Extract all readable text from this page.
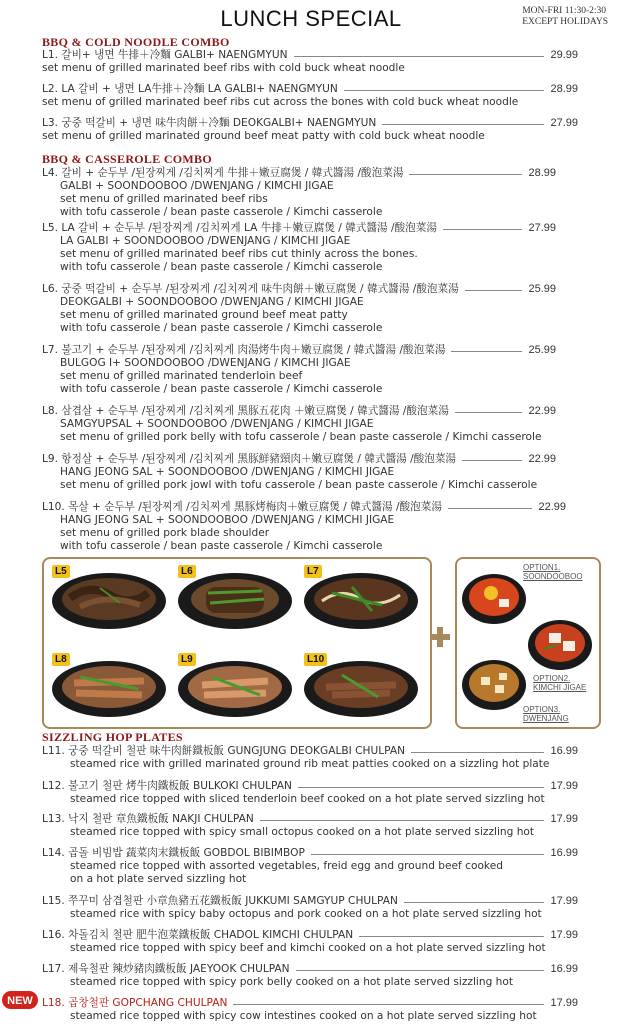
LUNCH SPECIAL	MON-FRI 11:30-2:30
EXCEPT HOLIDAYS
BBQ & COLD NOODLE COMBO
L1. 갈비+ 냉면 牛排＋冷麵 GALBI+ NAENGMYUN	29.99
set menu of grilled marinated beef ribs with cold buck wheat noodle
L2. LA 갈비 + 냉면 LA牛排＋冷麵 LA GALBI+ NAENGMYUN	28.99
set menu of grilled marinated beef ribs cut across the bones with cold buck wheat noodle
L3. 궁중 떡갈비 + 냉면 味牛肉餅＋冷麵 DEOKGALBI+ NAENGMYUN	27.99
set menu of grilled marinated ground beef meat patty with cold buck wheat noodle
BBQ & CASSEROLE COMBO
L4. 갈비 + 순두부 /된장찌게 /김치찌게 牛排＋嫩豆腐煲 / 韓式醬湯 /酸泡菜湯	28.99
GALBI + SOONDOOBOO /DWENJANG / KIMCHI JIGAE
set menu of grilled marinated beef ribs
with tofu casserole / bean paste casserole / Kimchi casserole
L5. LA 갈비 + 순두부 /된장찌게 /김치찌게 LA 牛排＋嫩豆腐煲 / 韓式醬湯 /酸泡菜湯	27.99
LA GALBI + SOONDOOBOO /DWENJANG / KIMCHI JIGAE
set menu of grilled marinated beef ribs cut thinly across the bones.
with tofu casserole / bean paste casserole / Kimchi casserole
L6. 궁중 떡갈비 + 순두부 /된장찌게 /김치찌게 味牛肉餅＋嫩豆腐煲 / 韓式醬湯 /酸泡菜湯	25.99
DEOKGALBI + SOONDOOBOO /DWENJANG / KIMCHI JIGAE
set menu of grilled marinated ground beef meat patty
with tofu casserole / bean paste casserole / Kimchi casserole
L7. 불고기 + 순두부 /된장찌게 /김치찌게 肉湯烤牛肉＋嫩豆腐煲 / 韓式醬湯 /酸泡菜湯	25.99
BULGOG I+ SOONDOOBOO /DWENJANG / KIMCHI JIGAE
set menu of grilled marinated tenderloin beef
with tofu casserole / bean paste casserole / Kimchi casserole
L8. 삼겹살 + 순두부 /된장찌게 /김치찌게 黑豚五花肉 ＋嫩豆腐煲 / 韓式醬湯 /酸泡菜湯	22.99
SAMGYUPSAL + SOONDOOBOO /DWENJANG / KIMCHI JIGAE
set menu of grilled pork belly with tofu casserole / bean paste casserole / Kimchi casserole
L9. 항정살 + 순두부 /된장찌게 /김치찌게 黑豚鮮豬頸肉＋嫩豆腐煲 / 韓式醬湯 /酸泡菜湯	22.99
HANG JEONG SAL + SOONDOOBOO /DWENJANG / KIMCHI JIGAE
set menu of grilled pork jowl with tofu casserole / bean paste casserole / Kimchi casserole
L10. 목살 + 순두부 /된장찌게 /김치찌게 黑豚烤梅肉＋嫩豆腐煲 / 韓式醬湯 /酸泡菜湯	22.99
HANG JEONG SAL + SOONDOOBOO /DWENJANG / KIMCHI JIGAE
set menu of grilled pork blade shoulder
with tofu casserole / bean paste casserole / Kimchi casserole
L5	L6	L7
L8	L9	L10
OPTION1.
SOONDOOBOO
OPTION2.
KIMCHI JIGAE
OPTION3.
DWENJANG
SIZZLING HOP PLATES
L11. 궁중 떡갈비 철판 味牛肉餅鐵板飯 GUNGJUNG DEOKGALBI CHULPAN	16.99
steamed rice with grilled marinated ground rib meat patties cooked on a sizzling hot plate
L12. 불고기 철판 烤牛肉鐵板飯 BULKOKI CHULPAN	17.99
steamed rice topped with sliced tenderloin beef cooked on a hot plate served sizzling hot
L13. 낙지 철판 章魚鐵板飯 NAKJI CHULPAN	17.99
steamed rice topped with spicy small octopus cooked on a hot plate served sizzling hot
L14. 곱돌 비빔밥 蔬菜肉末鐵板飯 GOBDOL BIBIMBOP	16.99
steamed rice topped with assorted vegetables, freid egg and ground beef cooked
on a hot plate served sizzling hot
L15. 쭈꾸미 삼겹철판 小章魚豬五花鐵板飯 JUKKUMI SAMGYUP CHULPAN	17.99
steamed rice with spicy baby octopus and pork cooked on a hot plate served sizzling hot
L16. 차돌김치 철판 肥牛泡菜鐵板飯 CHADOL KIMCHI CHULPAN	17.99
steamed rice topped with spicy beef and kimchi cooked on a hot plate served sizzling hot
L17. 제육철판 辣炒豬肉鐵板飯 JAEYOOK CHULPAN	16.99
steamed rice topped with spicy pork belly cooked on a hot plate served sizzling hot
NEW L18. 곱창철판 GOPCHANG CHULPAN	17.99
steamed rice topped with spicy cow intestines cooked on a hot plate served sizzling hot
